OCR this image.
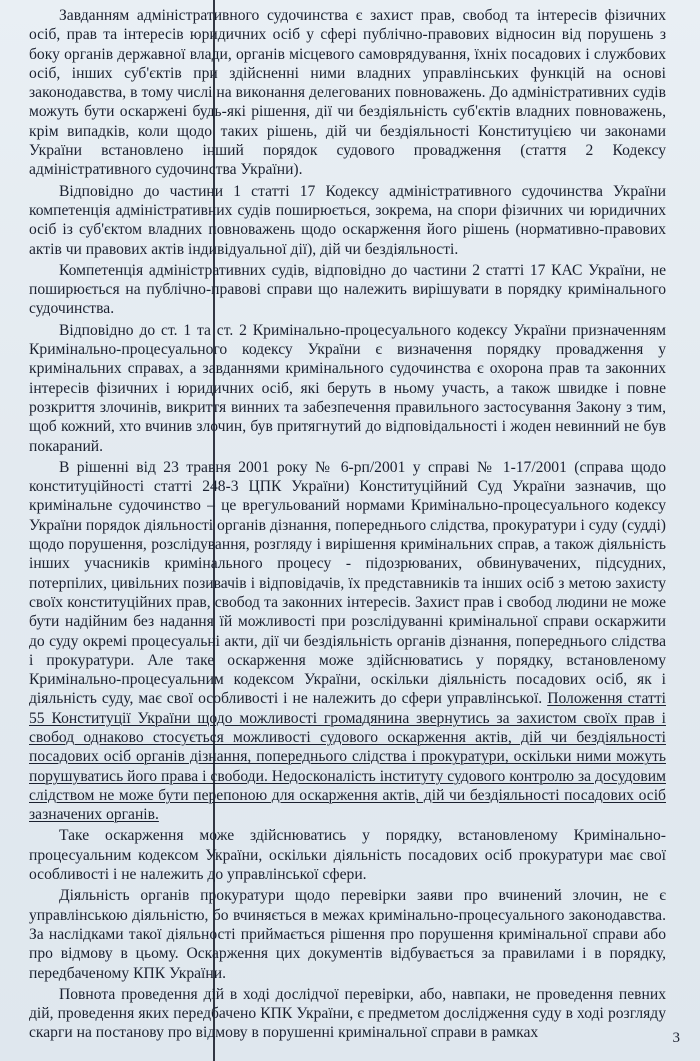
Завданням адміністративного судочинства є захист прав, свобод та інтересів фізичних осіб, прав та інтересів юридичних осіб у сфері публічно-правових відносин від порушень з боку органів державної влади, органів місцевого самоврядування, їхніх посадових і службових осіб, інших суб'єктів при здійсненні ними владних управлінських функцій на основі законодавства, в тому числі на виконання делегованих повноважень. До адміністративних судів можуть бути оскаржені будь-які рішення, дії чи бездіяльність суб'єктів владних повноважень, крім випадків, коли щодо таких рішень, дій чи бездіяльності Конституцією чи законами України встановлено інший порядок судового провадження (стаття 2 Кодексу адміністративного судочинства України).

Відповідно до частини 1 статті 17 Кодексу адміністративного судочинства України компетенція адміністративних судів поширюється, зокрема, на спори фізичних чи юридичних осіб із суб'єктом владних повноважень щодо оскарження його рішень (нормативно-правових актів чи правових актів індивідуальної дії), дій чи бездіяльності.

Компетенція адміністративних судів, відповідно до частини 2 статті 17 КАС України, не поширюється на публічно-правові справи що належить вирішувати в порядку кримінального судочинства.

Відповідно до ст. 1 та ст. 2 Кримінально-процесуального кодексу України призначенням Кримінально-процесуального кодексу України є визначення порядку провадження у кримінальних справах, а завданнями кримінального судочинства є охорона прав та законних інтересів фізичних і юридичних осіб, які беруть в ньому участь, а також швидке і повне розкриття злочинів, викриття винних та забезпечення правильного застосування Закону з тим, щоб кожний, хто вчинив злочин, був притягнутий до відповідальності і жоден невинний не був покараний.

В рішенні від 23 травня 2001 року № 6-рп/2001 у справі № 1-17/2001 (справа щодо конституційності статті 248-3 ЦПК України) Конституційний Суд України зазначив, що кримінальне судочинство – це врегульований нормами Кримінально-процесуального кодексу України порядок діяльності органів дізнання, попереднього слідства, прокуратури і суду (судді) щодо порушення, розслідування, розгляду і вирішення кримінальних справ, а також діяльність інших учасників кримінального процесу - підозрюваних, обвинувачених, підсудних, потерпілих, цивільних позивачів і відповідачів, їх представників та інших осіб з метою захисту своїх конституційних прав, свобод та законних інтересів. Захист прав і свобод людини не може бути надійним без надання їй можливості при розслідуванні кримінальної справи оскаржити до суду окремі процесуальні акти, дії чи бездіяльність органів дізнання, попереднього слідства і прокуратури. Але таке оскарження може здійснюватись у порядку, встановленому Кримінально-процесуальним кодексом України, оскільки діяльність посадових осіб, як і діяльність суду, має свої особливості і не належить до сфери управлінської. Положення статті 55 Конституції України щодо можливості громадянина звернутись за захистом своїх прав і свобод однаково стосується можливості судового оскарження актів, дій чи бездіяльності посадових осіб органів дізнання, попереднього слідства і прокуратури, оскільки ними можуть порушуватись його права і свободи. Недосконалість інституту судового контролю за досудовим слідством не може бути перепоною для оскарження актів, дій чи бездіяльності посадових осіб зазначених органів.

Таке оскарження може здійснюватись у порядку, встановленому Кримінально-процесуальним кодексом України, оскільки діяльність посадових осіб прокуратури має свої особливості і не належить до управлінської сфери.

Діяльність органів прокуратури щодо перевірки заяви про вчинений злочин, не є управлінською діяльністю, бо вчиняється в межах кримінально-процесуального законодавства. За наслідками такої діяльності приймається рішення про порушення кримінальної справи або про відмову в цьому. Оскарження цих документів відбувається за правилами і в порядку, передбаченому КПК України.

Повнота проведення дій в ході дослідчої перевірки, або, навпаки, не проведення певних дій, проведення яких передбачено КПК України, є предметом дослідження суду в ході розгляду скарги на постанову про відмову в порушенні кримінальної справи в рамках	3
